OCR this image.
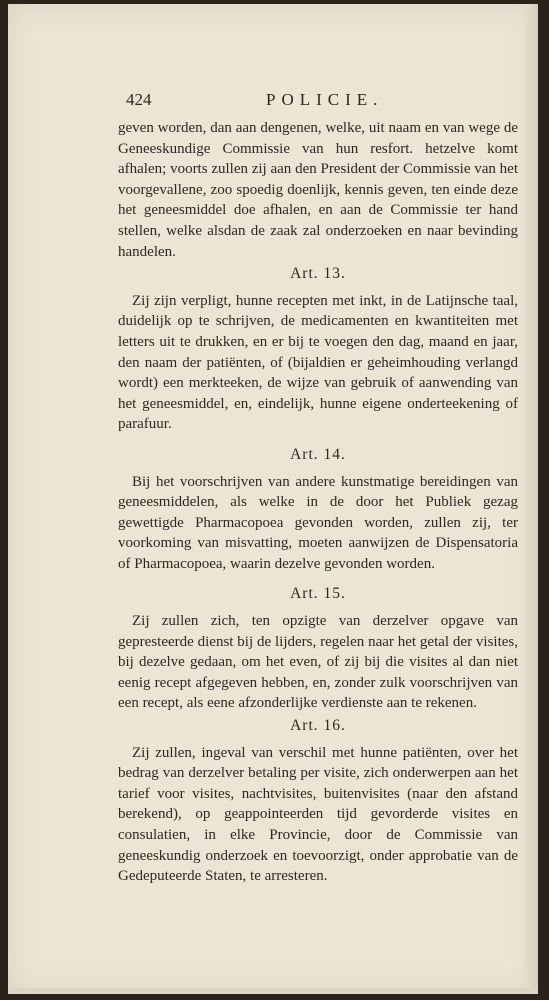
424	POLICIE.

geven worden, dan aan dengenen, welke, uit naam en van wege de Geneeskundige Commissie van hun resfort. hetzelve komt afhalen; voorts zullen zij aan den President der Commissie van het voorgevallene, zoo spoedig doenlijk, kennis geven, ten einde deze het geneesmiddel doe afhalen, en aan de Commissie ter hand stellen, welke alsdan de zaak zal onderzoeken en naar bevinding handelen.

Art. 13.

Zij zijn verpligt, hunne recepten met inkt, in de Latijnsche taal, duidelijk op te schrijven, de medicamenten en kwantiteiten met letters uit te drukken, en er bij te voegen den dag, maand en jaar, den naam der patiënten, of (bijaldien er geheimhouding verlangd wordt) een merkteeken, de wijze van gebruik of aanwending van het geneesmiddel, en, eindelijk, hunne eigene onderteekening of parafuur.

Art. 14.

Bij het voorschrijven van andere kunstmatige bereidingen van geneesmiddelen, als welke in de door het Publiek gezag gewettigde Pharmacopoea gevonden worden, zullen zij, ter voorkoming van misvatting, moeten aanwijzen de Dispensatoria of Pharmacopoea, waarin dezelve gevonden worden.

Art. 15.

Zij zullen zich, ten opzigte van derzelver opgave van gepresteerde dienst bij de lijders, regelen naar het getal der visites, bij dezelve gedaan, om het even, of zij bij die visites al dan niet eenig recept afgegeven hebben, en, zonder zulk voorschrijven van een recept, als eene afzonderlijke verdienste aan te rekenen.

Art. 16.

Zij zullen, ingeval van verschil met hunne patiënten, over het bedrag van derzelver betaling per visite, zich onderwerpen aan het tarief voor visites, nachtvisites, buitenvisites (naar den afstand berekend), op geappointeerden tijd gevorderde visites en consulatien, in elke Provincie, door de Commissie van geneeskundig onderzoek en toevoorzigt, onder approbatie van de Gedeputeerde Staten, te arresteren.
